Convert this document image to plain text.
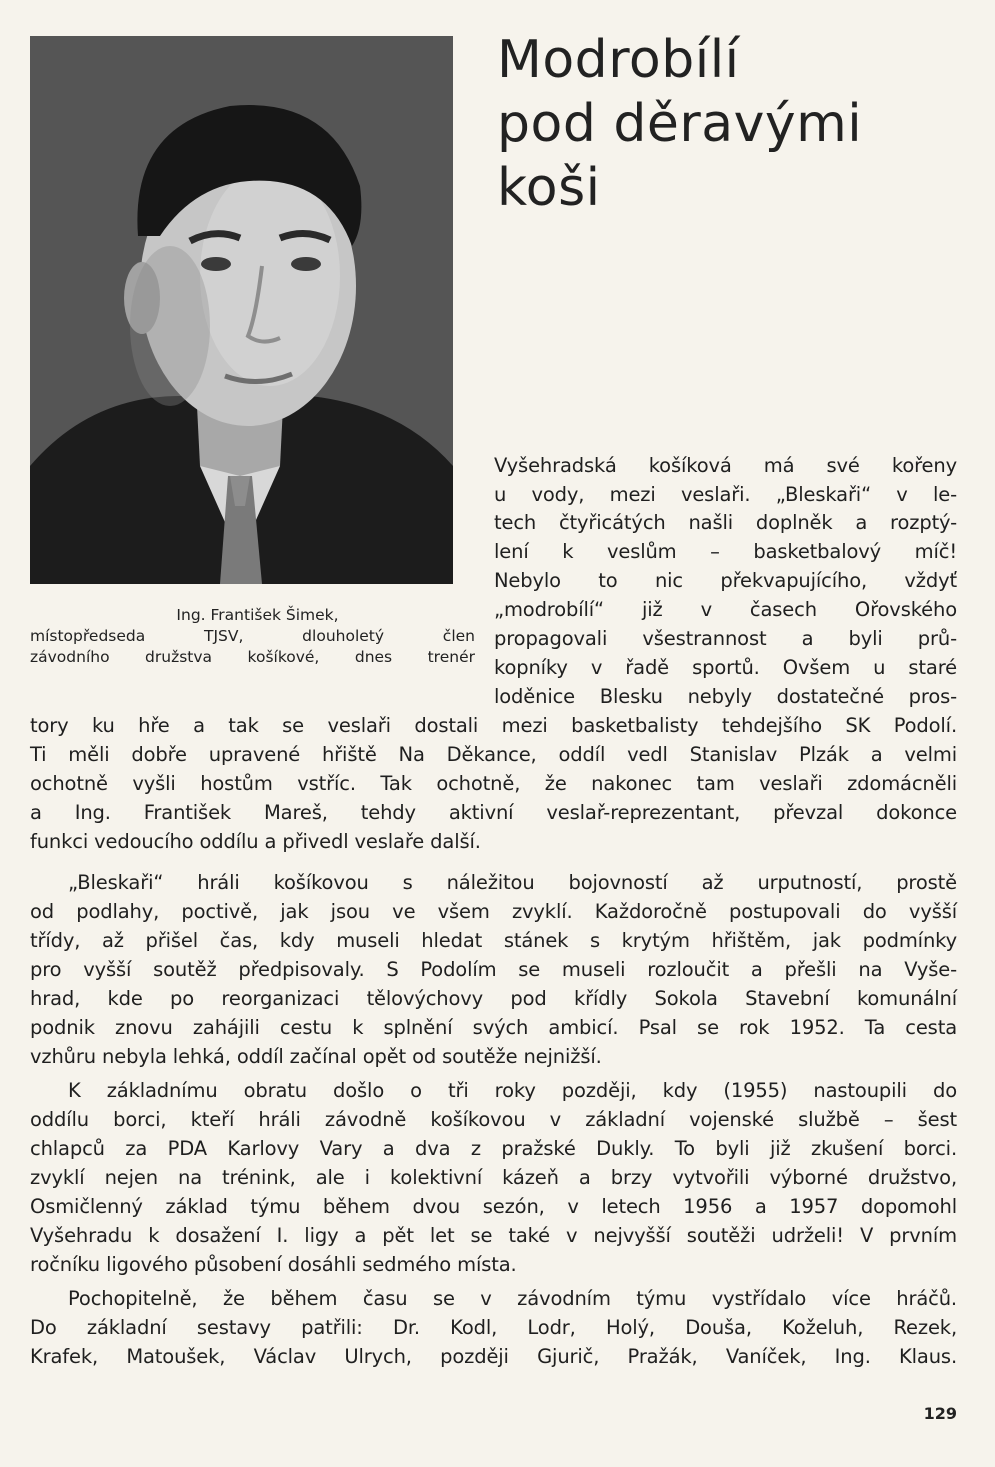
Ing. František Šimek,
místopředseda TJSV, dlouholetý člen
závodního družstva košíkové, dnes trenér
Modrobílí
pod děravými
koši
Vyšehradská košíková má své kořeny
u vody, mezi veslaři. „Bleskaři“ v le-
tech čtyřicátých našli doplněk a rozptý-
lení k veslům – basketbalový míč!
Nebylo to nic překvapujícího, vždyť
„modrobílí“ již v časech Ořovského
propagovali všestrannost a byli prů-
kopníky v řadě sportů. Ovšem u staré
loděnice Blesku nebyly dostatečné pros-
tory ku hře a tak se veslaři dostali mezi basketbalisty tehdejšího SK Podolí.
Ti měli dobře upravené hřiště Na Děkance, oddíl vedl Stanislav Plzák a velmi
ochotně vyšli hostům vstříc. Tak ochotně, že nakonec tam veslaři zdomácněli
a Ing. František Mareš, tehdy aktivní veslař-reprezentant, převzal dokonce
funkci vedoucího oddílu a přivedl veslaře další.
„Bleskaři“ hráli košíkovou s náležitou bojovností až urputností, prostě
od podlahy, poctivě, jak jsou ve všem zvyklí. Každoročně postupovali do vyšší
třídy, až přišel čas, kdy museli hledat stánek s krytým hřištěm, jak podmínky
pro vyšší soutěž předpisovaly. S Podolím se museli rozloučit a přešli na Vyše-
hrad, kde po reorganizaci tělovýchovy pod křídly Sokola Stavební komunální
podnik znovu zahájili cestu k splnění svých ambicí. Psal se rok 1952. Ta cesta
vzhůru nebyla lehká, oddíl začínal opět od soutěže nejnižší.
K základnímu obratu došlo o tři roky později, kdy (1955) nastoupili do
oddílu borci, kteří hráli závodně košíkovou v základní vojenské službě – šest
chlapců za PDA Karlovy Vary a dva z pražské Dukly. To byli již zkušení borci.
zvyklí nejen na trénink, ale i kolektivní kázeň a brzy vytvořili výborné družstvo,
Osmičlenný základ týmu během dvou sezón, v letech 1956 a 1957 dopomohl
Vyšehradu k dosažení I. ligy a pět let se také v nejvyšší soutěži udrželi! V prvním
ročníku ligového působení dosáhli sedmého místa.
Pochopitelně, že během času se v závodním týmu vystřídalo více hráčů.
Do základní sestavy patřili: Dr. Kodl, Lodr, Holý, Douša, Koželuh, Rezek,
Krafek, Matoušek, Václav Ulrych, později Gjurič, Pražák, Vaníček, Ing. Klaus.
129
